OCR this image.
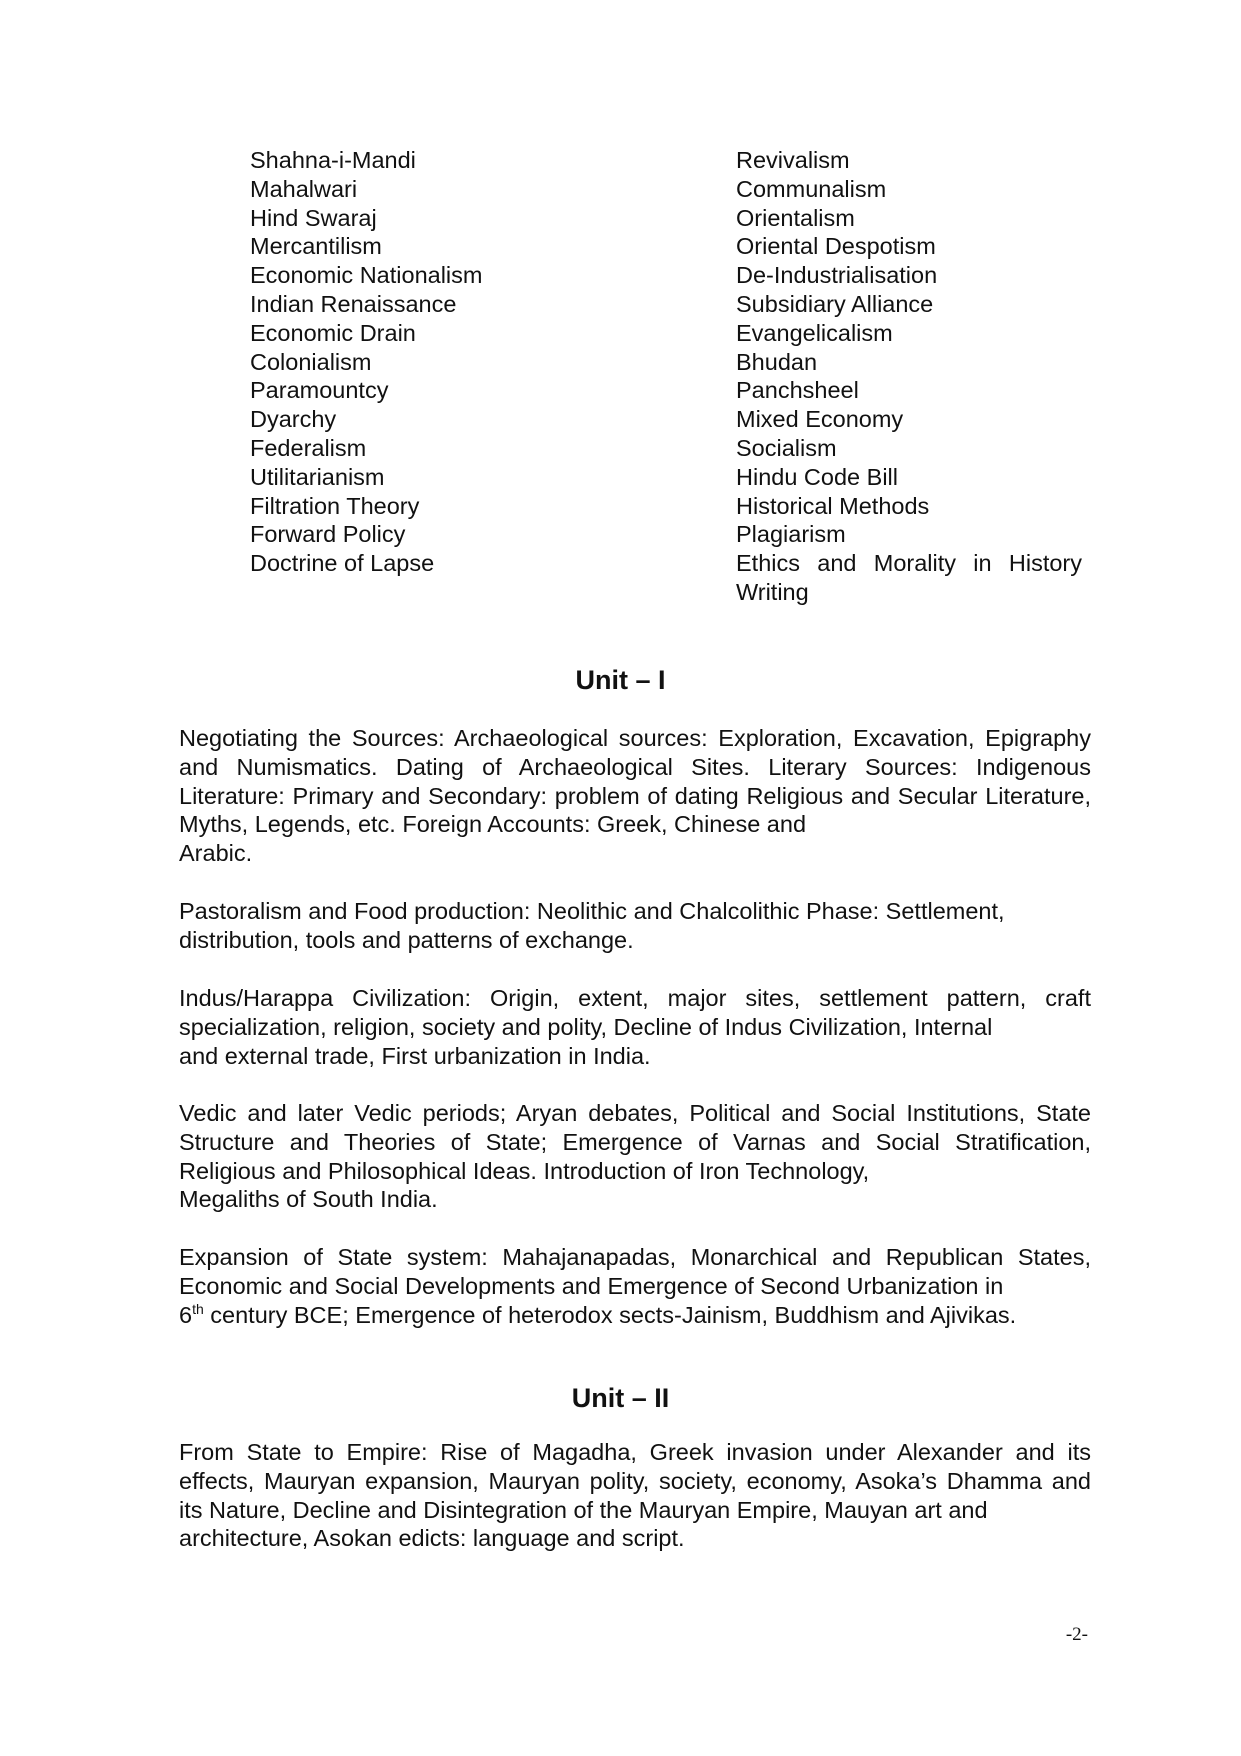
Shahna-i-Mandi
Mahalwari
Hind Swaraj
Mercantilism
Economic Nationalism
Indian Renaissance
Economic Drain
Colonialism
Paramountcy
Dyarchy
Federalism
Utilitarianism
Filtration Theory
Forward Policy
Doctrine of Lapse
Revivalism
Communalism
Orientalism
Oriental Despotism
De-Industrialisation
Subsidiary Alliance
Evangelicalism
Bhudan
Panchsheel
Mixed Economy
Socialism
Hindu Code Bill
Historical Methods
Plagiarism
Ethics and Morality in History
Writing
Unit – I

Negotiating the Sources: Archaeological sources: Exploration, Excavation, Epigraphy and Numismatics. Dating of Archaeological Sites. Literary Sources: Indigenous Literature: Primary and Secondary: problem of dating Religious and Secular Literature, Myths, Legends, etc. Foreign Accounts: Greek, Chinese and
Arabic.

Pastoralism and Food production: Neolithic and Chalcolithic Phase: Settlement,
distribution, tools and patterns of exchange.

Indus/Harappa Civilization: Origin, extent, major sites, settlement pattern, craft specialization, religion, society and polity, Decline of Indus Civilization, Internal
and external trade, First urbanization in India.

Vedic and later Vedic periods; Aryan debates, Political and Social Institutions, State Structure and Theories of State; Emergence of Varnas and Social Stratification, Religious and Philosophical Ideas. Introduction of Iron Technology,
Megaliths of South India.

Expansion of State system: Mahajanapadas, Monarchical and Republican States, Economic and Social Developments and Emergence of Second Urbanization in
6th century BCE; Emergence of heterodox sects-Jainism, Buddhism and Ajivikas.

Unit – II

From State to Empire: Rise of Magadha, Greek invasion under Alexander and its effects, Mauryan expansion, Mauryan polity, society, economy, Asoka’s Dhamma and its Nature, Decline and Disintegration of the Mauryan Empire, Mauyan art and
architecture, Asokan edicts: language and script.

-2-
